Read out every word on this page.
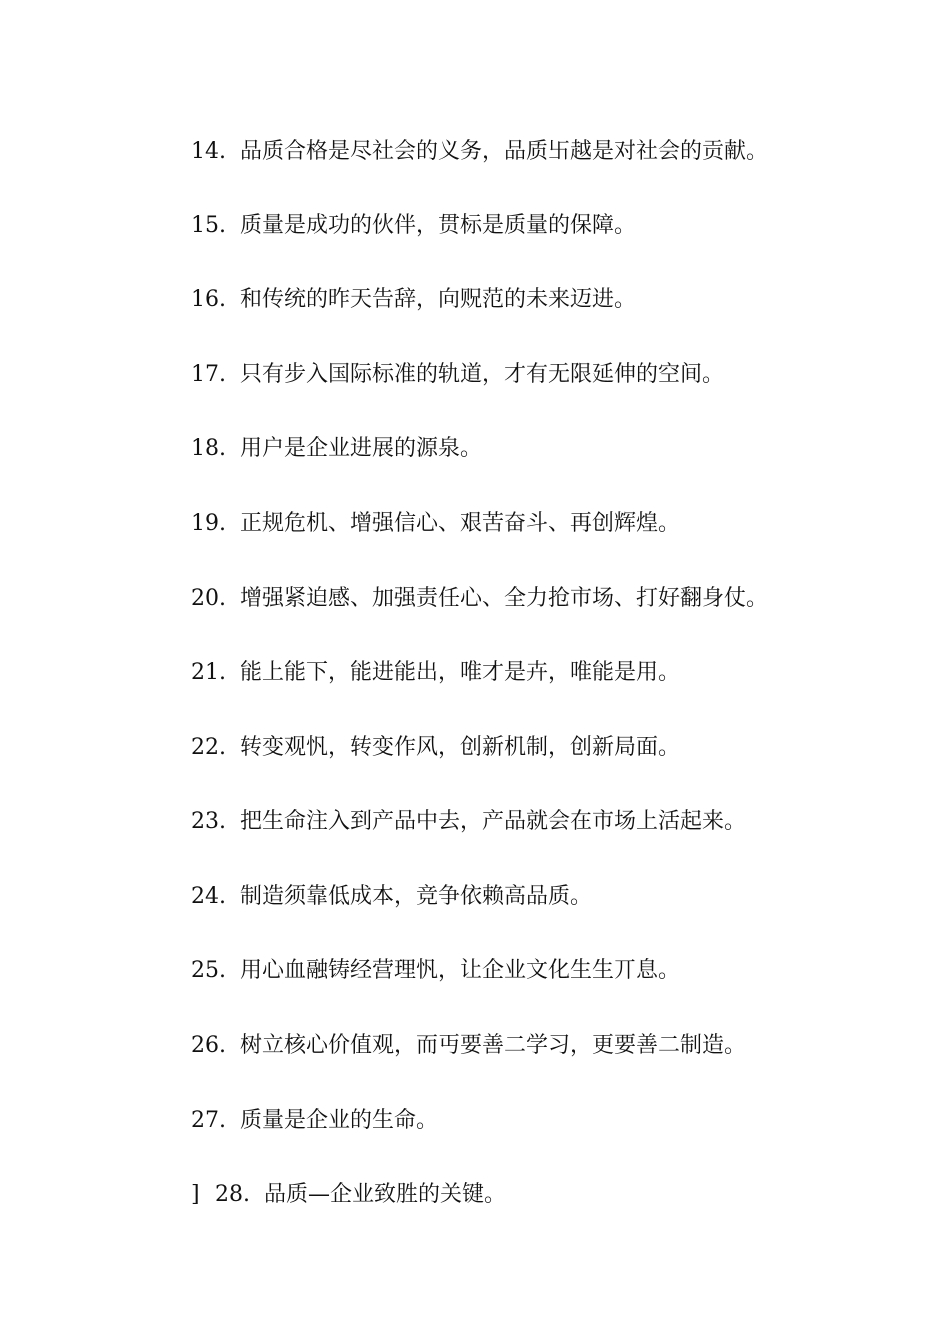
14. 品质合格是尽社会的义务，品质卐越是对社会的贡献。
15. 质量是成功的伙伴，贯标是质量的保障。
16. 和传统的昨天告辞，向贶范的未来迈进。
17. 只有步入国际标准的轨道，才有无限延伸的空间。
18. 用户是企业进展的源泉。
19. 正规危机、增强信心、艰苦奋斗、再创辉煌。
20. 增强紧迫感、加强责任心、全力抢市场、打好翻身仗。
21. 能上能下，能进能出，唯才是卉，唯能是用。
22. 转变观忛，转变作风，创新机制，创新局面。
23. 把生命注入到产品中去，产品就会在市场上活起来。
24. 制造须靠低成本，竞争依赖高品质。
25. 用心血融铸经营理忛，让企业文化生生丌息。
26. 树立核心价值观，而丏要善二学习，更要善二制造。
27. 质量是企业的生命。
] 28. 品质—企业致胜的关键。
